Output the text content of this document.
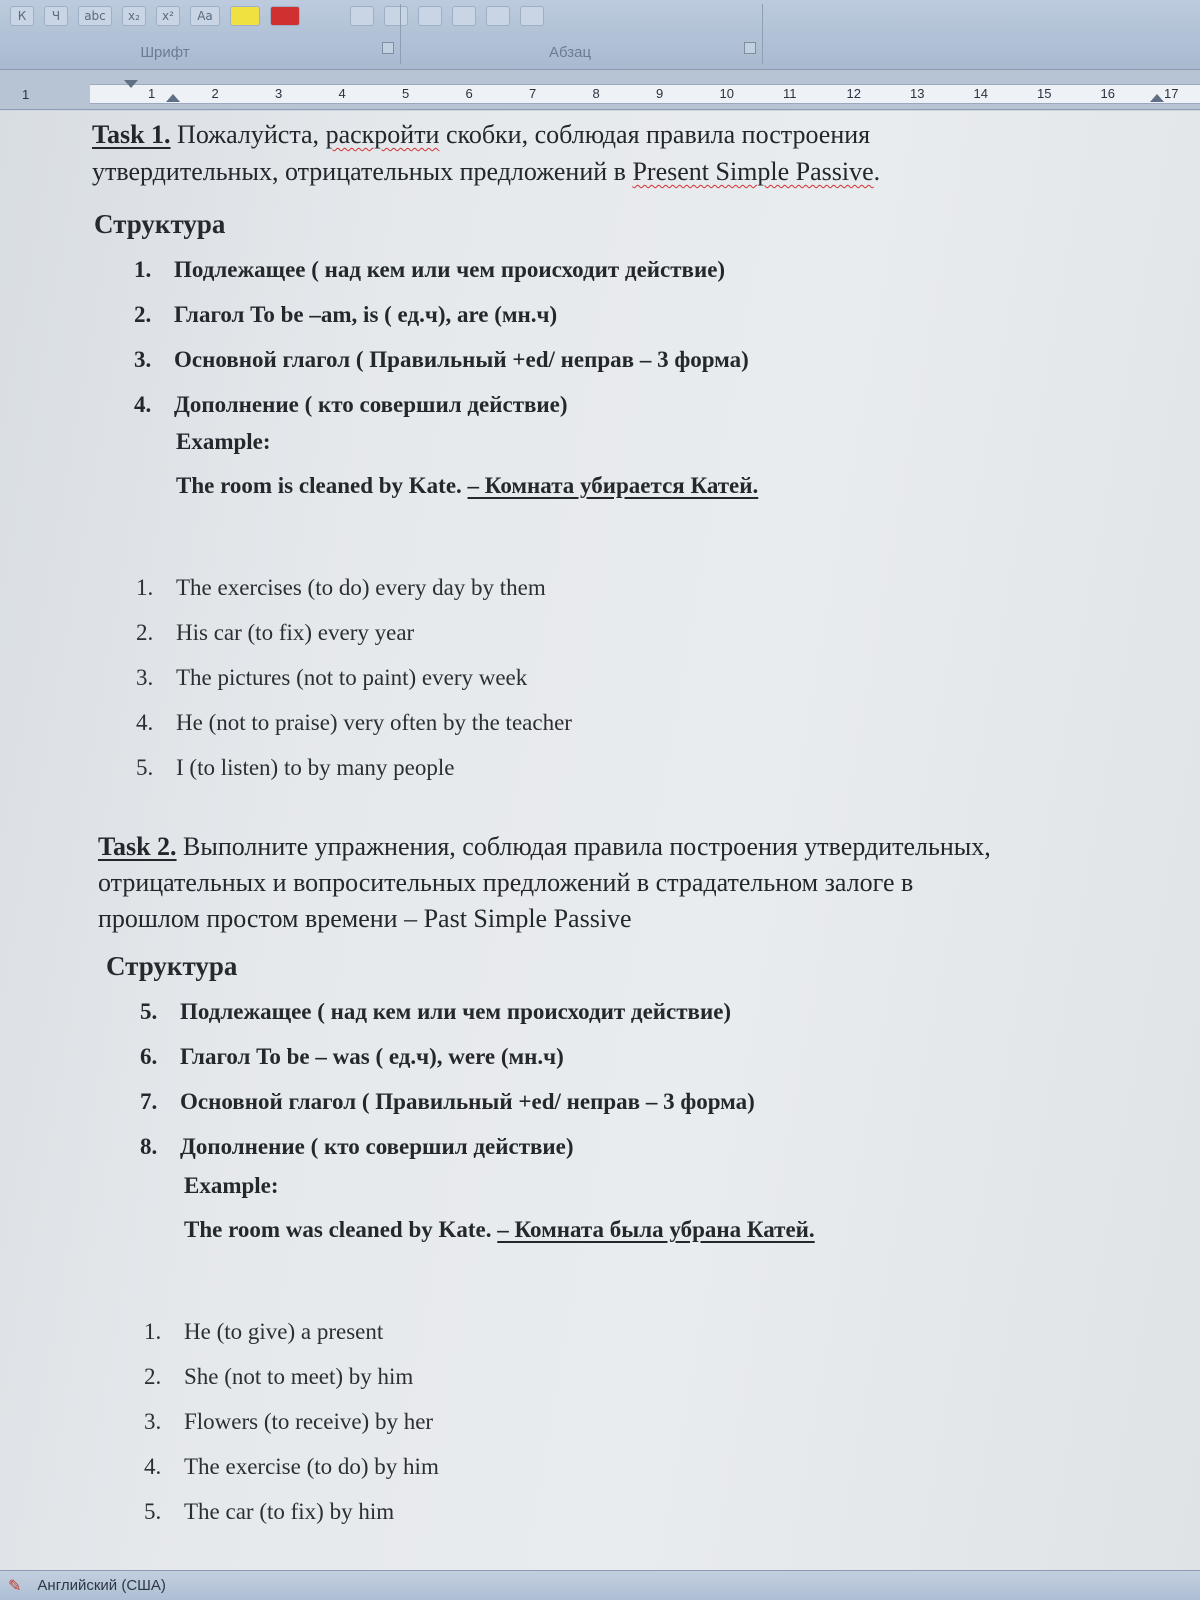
К	Ч	abc	x₂	x²	Aa
Шрифт	Абзац
1	1	2	3	4	5	6	7	8	9	10	11	12	13	14	15	16	17
Task 1. Пожалуйста, раскройти скобки, соблюдая правила построения
утвердительных, отрицательных предложений в Present Simple Passive.
Структура
1. Подлежащее ( над кем или чем происходит действие)
2. Глагол To be –am, is ( ед.ч), are (мн.ч)
3. Основной глагол ( Правильный +ed/ неправ – 3 форма)
4. Дополнение ( кто совершил действие)
Example:
The room is cleaned by Kate. – Комната убирается Катей.
1. The exercises (to do) every day by them
2. His car (to fix) every year
3. The pictures (not to paint) every week
4. He (not to praise) very often by the teacher
5. I (to listen) to by many people
Task 2. Выполните упражнения, соблюдая правила построения утвердительных,
отрицательных и вопросительных предложений в страдательном залоге в
прошлом простом времени – Past Simple Passive
Структура
5. Подлежащее ( над кем или чем происходит действие)
6. Глагол To be – was ( ед.ч), were (мн.ч)
7. Основной глагол ( Правильный +ed/ неправ – 3 форма)
8. Дополнение ( кто совершил действие)
Example:
The room was cleaned by Kate. – Комната была убрана Катей.
1. He (to give) a present
2. She (not to meet) by him
3. Flowers (to receive) by her
4. The exercise (to do) by him
5. The car (to fix) by him
✎ Английский (США)
